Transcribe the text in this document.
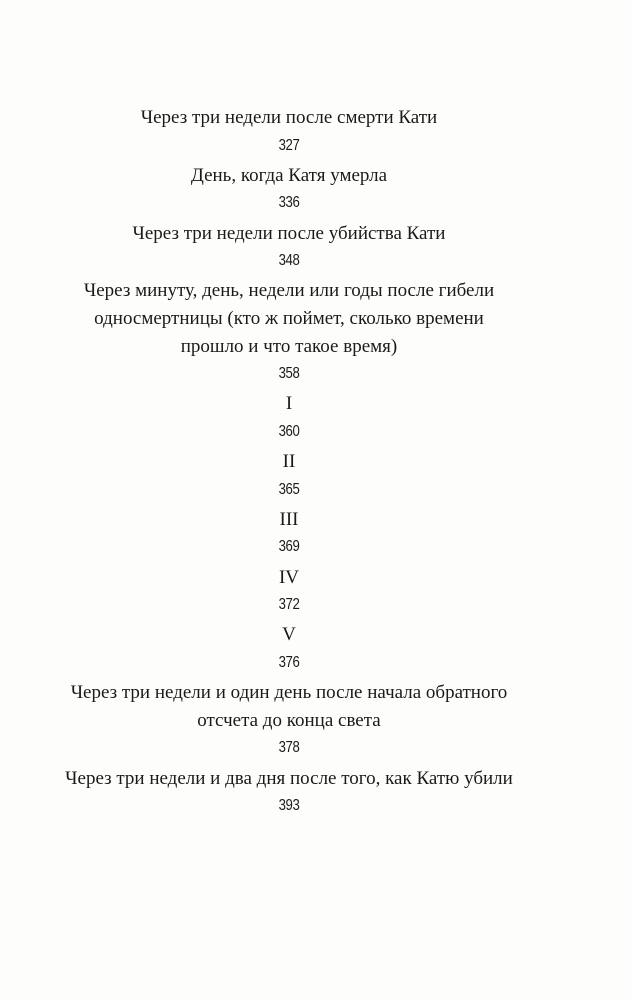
Через три недели после смерти Кати
327
День, когда Катя умерла
336
Через три недели после убийства Кати
348
Через минуту, день, недели или годы после гибели
односмертницы (кто ж поймет, сколько времени
прошло и что такое время)
358
I
360
II
365
III
369
IV
372
V
376
Через три недели и один день после начала обратного
отсчета до конца света
378
Через три недели и два дня после того, как Катю убили
393
